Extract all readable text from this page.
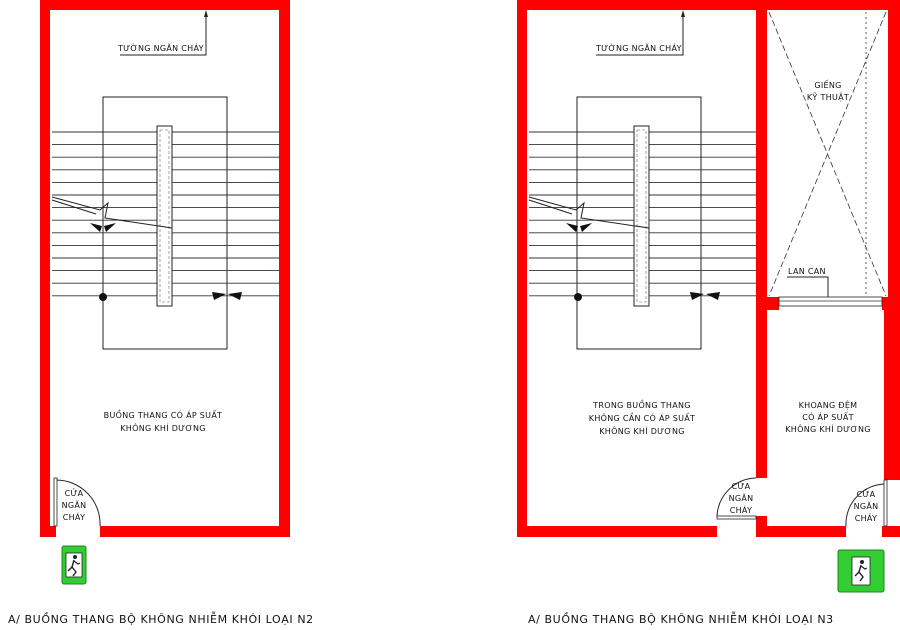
TƯỜNG NGĂN CHÁY
BUỒNG THANG CÓ ÁP SUẤT
KHÔNG KHÍ DƯƠNG
CỬA
NGĂN
CHÁY
A/ BUỒNG THANG BỘ KHÔNG NHIỄM KHÓI LOẠI N2
GIẾNG
KỸ THUẬT
LAN CAN
TƯỜNG NGĂN CHÁY
TRONG BUỒNG THANG
KHÔNG CẦN CÓ ÁP SUẤT
KHÔNG KHÍ DƯƠNG
KHOANG ĐỆM
CÓ ÁP SUẤT
KHÔNG KHÍ DƯƠNG
CỬA
NGĂN
CHÁY
CỬA
NGĂN
CHÁY
A/ BUỒNG THANG BỘ KHÔNG NHIỄM KHÓI LOẠI N3
